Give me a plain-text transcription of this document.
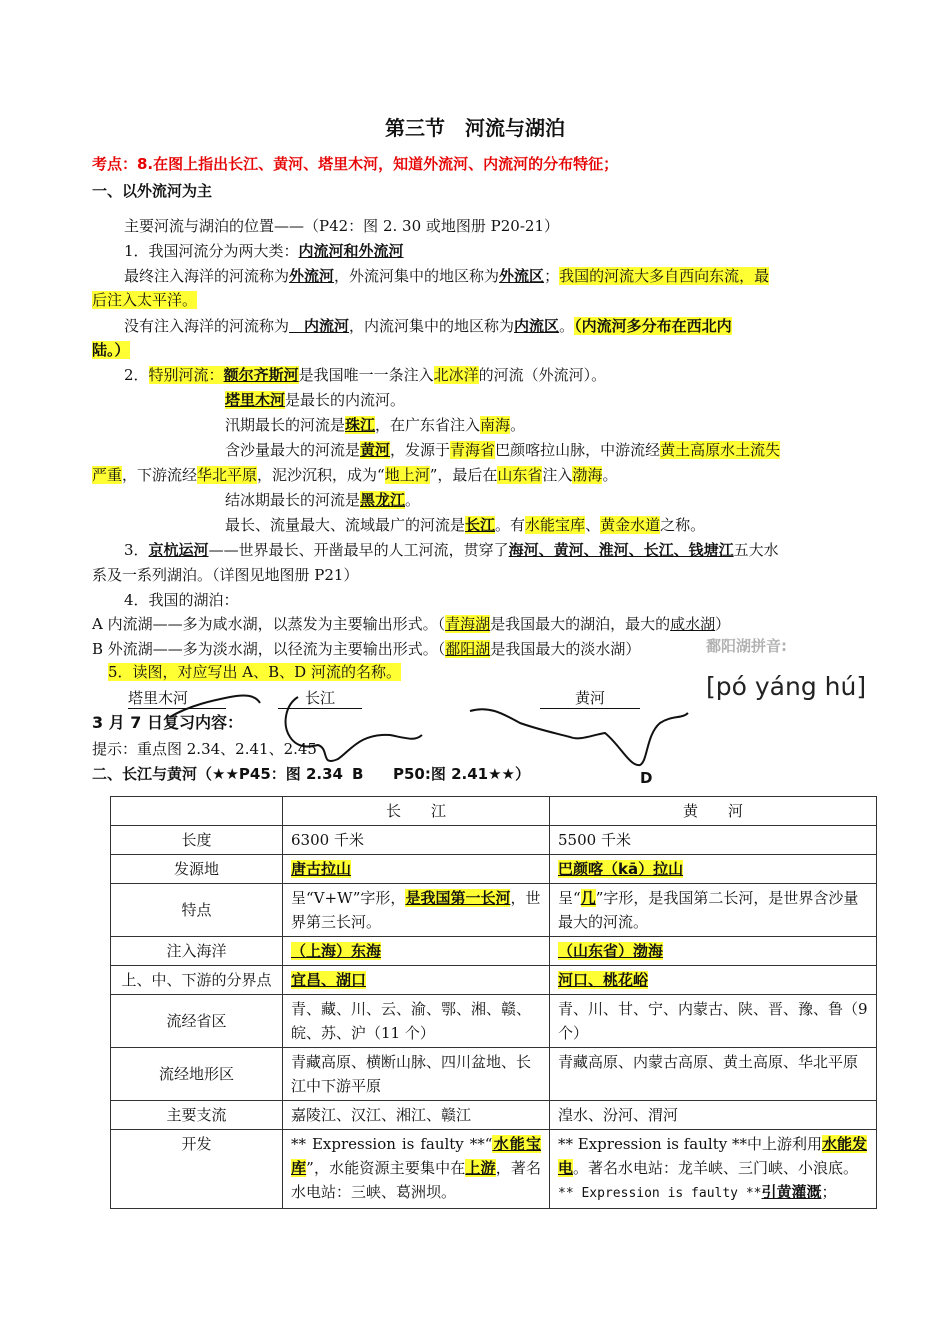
第三节　河流与湖泊
考点：8.在图上指出长江、黄河、塔里木河，知道外流河、内流河的分布特征；
一、以外流河为主
主要河流与湖泊的位置——（P42：图 2. 30 或地图册 P20-21）
1．我国河流分为两大类：内流河和外流河
最终注入海洋的河流称为外流河，外流河集中的地区称为外流区；我国的河流大多自西向东流，最
后注入太平洋。
没有注入海洋的河流称为　内流河，内流河集中的地区称为内流区。（内流河多分布在西北内
陆。）
2．特别河流：额尔齐斯河是我国唯一一条注入北冰洋的河流（外流河）。
塔里木河是最长的内流河。
汛期最长的河流是珠江，在广东省注入南海。
含沙量最大的河流是黄河，发源于青海省巴颜喀拉山脉，中游流经黄土高原水土流失
严重，下游流经华北平原，泥沙沉积，成为“地上河”，最后在山东省注入渤海。
结冰期最长的河流是黑龙江。
最长、流量最大、流域最广的河流是长江。有水能宝库、黄金水道之称。
3．京杭运河——世界最长、开凿最早的人工河流，贯穿了海河、黄河、淮河、长江、钱塘江五大水
系及一系列湖泊。（详图见地图册 P21）
4．我国的湖泊：
A 内流湖——多为咸水湖，以蒸发为主要输出形式。（青海湖是我国最大的湖泊，最大的咸水湖）
B 外流湖——多为淡水湖，以径流为主要输出形式。（鄱阳湖是我国最大的淡水湖）	鄱阳湖拼音:
[pó yáng hú]
5．读图，对应写出 A、B、D 河流的名称。
塔里木河	长江	黄河
B	D
3 月 7 日复习内容：
提示：重点图 2.34、2.41、2.45
二、长江与黄河（★★P45：图 2.34	P50:图 2.41★★）
	长　　江	黄　　河
长度	6300 千米	5500 千米
发源地	唐古拉山	巴颜喀（kā）拉山
特点	呈“V+W”字形，是我国第一长河，世界第三长河。	呈“几”字形，是我国第二长河，是世界含沙量最大的河流。
注入海洋	（上海）东海	（山东省）渤海
上、中、下游的分界点	宜昌、湖口	河口、桃花峪
流经省区	青、藏、川、云、渝、鄂、湘、赣、皖、苏、沪（11 个）	青、川、甘、宁、内蒙古、陕、晋、豫、鲁（9 个）
流经地形区	青藏高原、横断山脉、四川盆地、长江中下游平原	青藏高原、内蒙古高原、黄土高原、华北平原
主要支流	嘉陵江、汉江、湘江、赣江	湟水、汾河、渭河
开发	** Expression is faulty **“水能宝库”，水能资源主要集中在上游，著名水电站：三峡、葛洲坝。	** Expression is faulty **中上游利用水能发电。著名水电站：龙羊峡、三门峡、小浪底。
** Expression is faulty **引黄灌溉；
